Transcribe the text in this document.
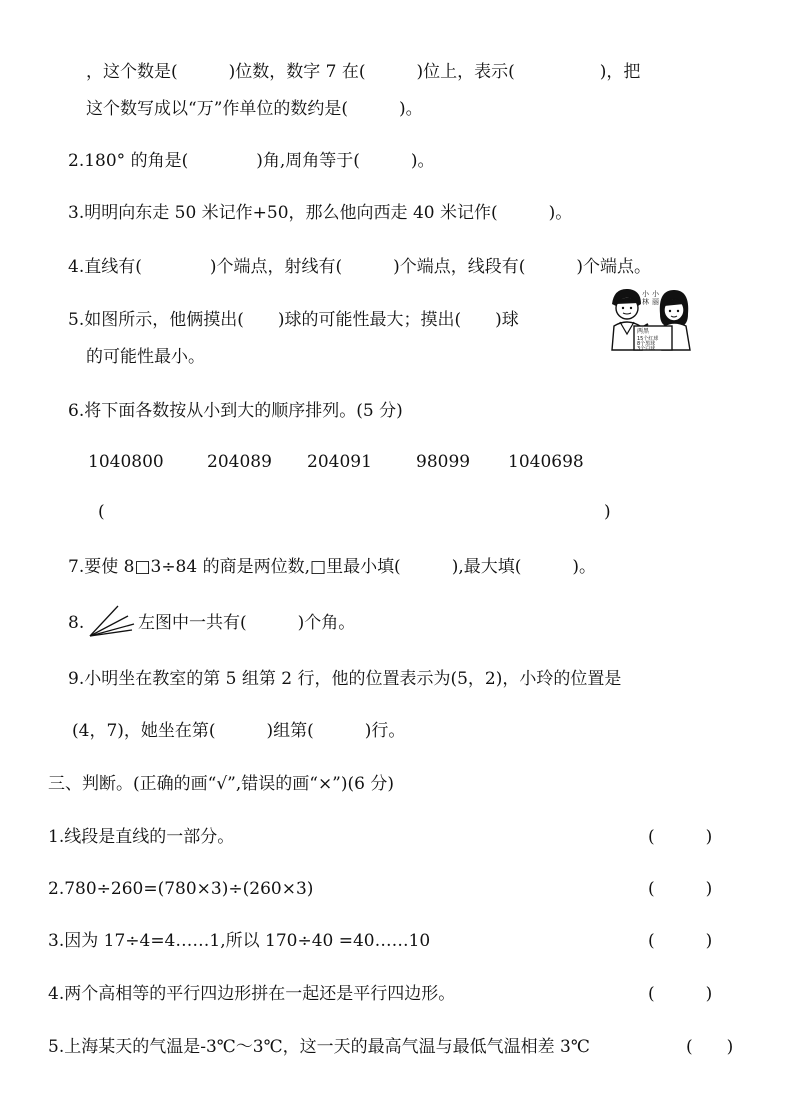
，这个数是(　　　)位数，数字 7 在(　　　)位上，表示(　　　　　)，把
这个数写成以“万”作单位的数约是(　　　)。
2.180° 的角是(　　　　)角,周角等于(　　　)。
3.明明向东走 50 米记作+50，那么他向西走 40 米记作(　　　)。
4.直线有(　　　　)个端点，射线有(　　　)个端点，线段有(　　　)个端点。
5.如图所示，他俩摸出(　　)球的可能性最大；摸出(　　)球
的可能性最小。
两黑
15个红球
8个黑球
3个白球
小
林
小
丽
6.将下面各数按从小到大的顺序排列。(5 分)
1040800	204089 204091	98099 1040698
(	)
7.要使 8□3÷84 的商是两位数,□里最小填(　　　),最大填(　　　)。
8.	左图中一共有(　　　)个角。
9.小明坐在教室的第 5 组第 2 行，他的位置表示为(5，2)，小玲的位置是
(4，7)，她坐在第(　　　)组第(　　　)行。
三、判断。(正确的画“√”,错误的画“×”)(6 分)
1.线段是直线的一部分。	(　　　)
2.780÷260=(780×3)÷(260×3)	(　　　)
3.因为 17÷4=4……1,所以 170÷40 =40……10	(　　　)
4.两个高相等的平行四边形拼在一起还是平行四边形。	(　　　)
5.上海某天的气温是-3℃～3℃，这一天的最高气温与最低气温相差 3℃	(　　)
